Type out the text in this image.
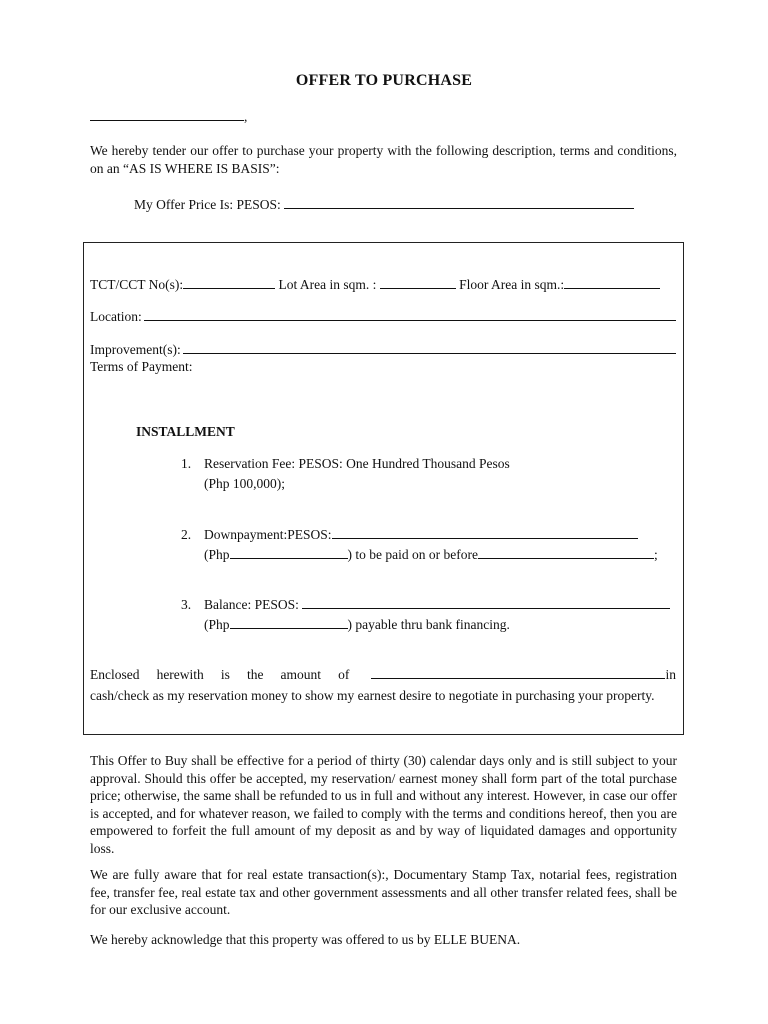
OFFER TO PURCHASE
,
We hereby tender our offer to purchase your property with the following description, terms and conditions, on an “AS IS WHERE IS BASIS”:
My Offer Price Is: PESOS:
TCT/CCT No(s):	Lot Area in sqm. :	Floor Area in sqm.:
Location:
Improvement(s):
Terms of Payment:
INSTALLMENT
1. Reservation Fee: PESOS: One Hundred Thousand Pesos
(Php 100,000);
2. Downpayment:PESOS:
(Php	) to be paid on or before	;
3. Balance: PESOS:
(Php	) payable thru bank financing.
Enclosed herewith is the amount of	in
cash/check as my reservation money to show my earnest desire to negotiate in purchasing your property.
This Offer to Buy shall be effective for a period of thirty (30) calendar days only and is still subject to your approval. Should this offer be accepted, my reservation/ earnest money shall form part of the total purchase price; otherwise, the same shall be refunded to us in full and without any interest. However, in case our offer is accepted, and for whatever reason, we failed to comply with the terms and conditions hereof, then you are empowered to forfeit the full amount of my deposit as and by way of liquidated damages and opportunity loss.
We are fully aware that for real estate transaction(s):, Documentary Stamp Tax, notarial fees, registration fee, transfer fee, real estate tax and other government assessments and all other transfer related fees, shall be for our exclusive account.
We hereby acknowledge that this property was offered to us by ELLE BUENA.
